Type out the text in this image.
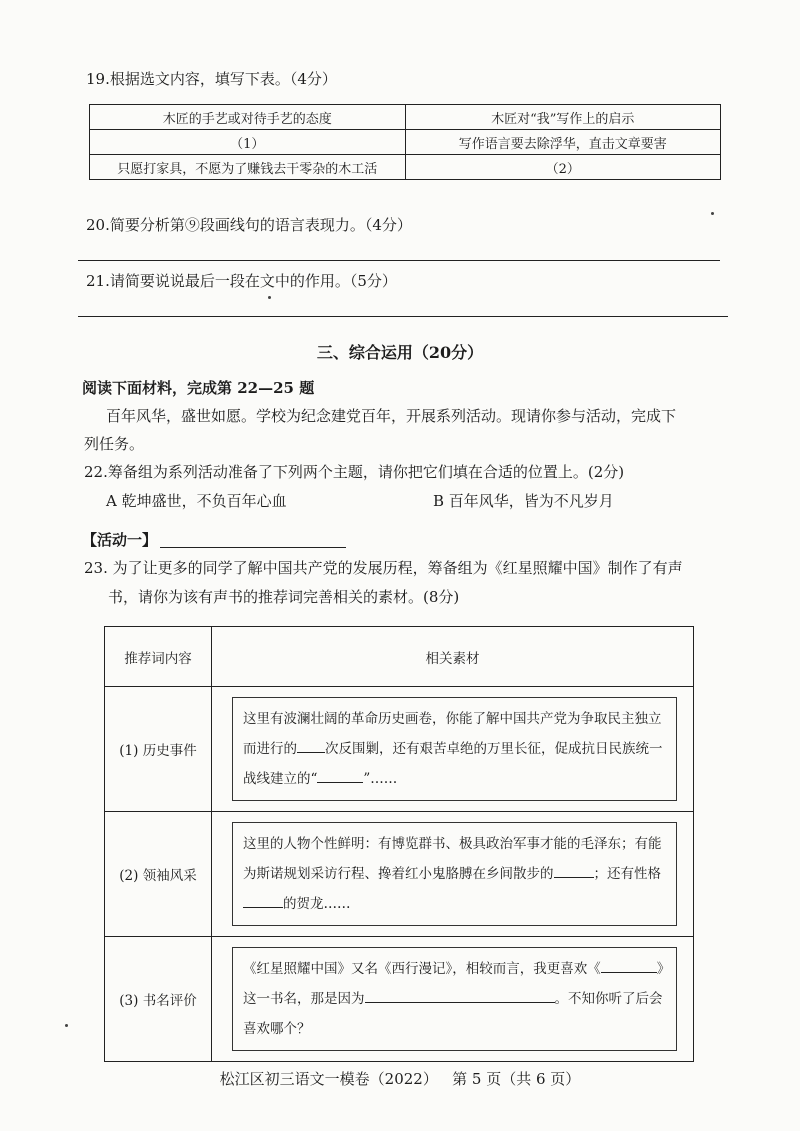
19.根据选文内容，填写下表。（4分）
木匠的手艺或对待手艺的态度	木匠对“我”写作上的启示
（1）	写作语言要去除浮华，直击文章要害
只愿打家具，不愿为了赚钱去干零杂的木工活	（2）
20.简要分析第⑨段画线句的语言表现力。（4分）
21.请简要说说最后一段在文中的作用。（5分）
三、综合运用（20分）
阅读下面材料，完成第 22—25 题
百年风华，盛世如愿。学校为纪念建党百年，开展系列活动。现请你参与活动，完成下
列任务。
22.筹备组为系列活动准备了下列两个主题，请你把它们填在合适的位置上。(2分)
A 乾坤盛世，不负百年心血	B 百年风华，皆为不凡岁月
【活动一】
23. 为了让更多的同学了解中国共产党的发展历程，筹备组为《红星照耀中国》制作了有声
书，请你为该有声书的推荐词完善相关的素材。(8分)
推荐词内容	相关素材
(1) 历史事件	这里有波澜壮阔的革命历史画卷，你能了解中国共产党为争取民主独立而进行的 次反围剿，还有艰苦卓绝的万里长征，促成抗日民族统一战线建立的“ ”……

(2) 领袖风采	这里的人物个性鲜明：有博览群书、极具政治军事才能的毛泽东；有能为斯诺规划采访行程、搀着红小鬼胳膊在乡间散步的 ；还有性格的贺龙……

(3) 书名评价	《红星照耀中国》又名《西行漫记》，相较而言，我更喜欢《 》这一书名，那是因为 。不知你听了后会喜欢哪个？
松江区初三语文一模卷（2022）   第 5 页（共 6 页）
